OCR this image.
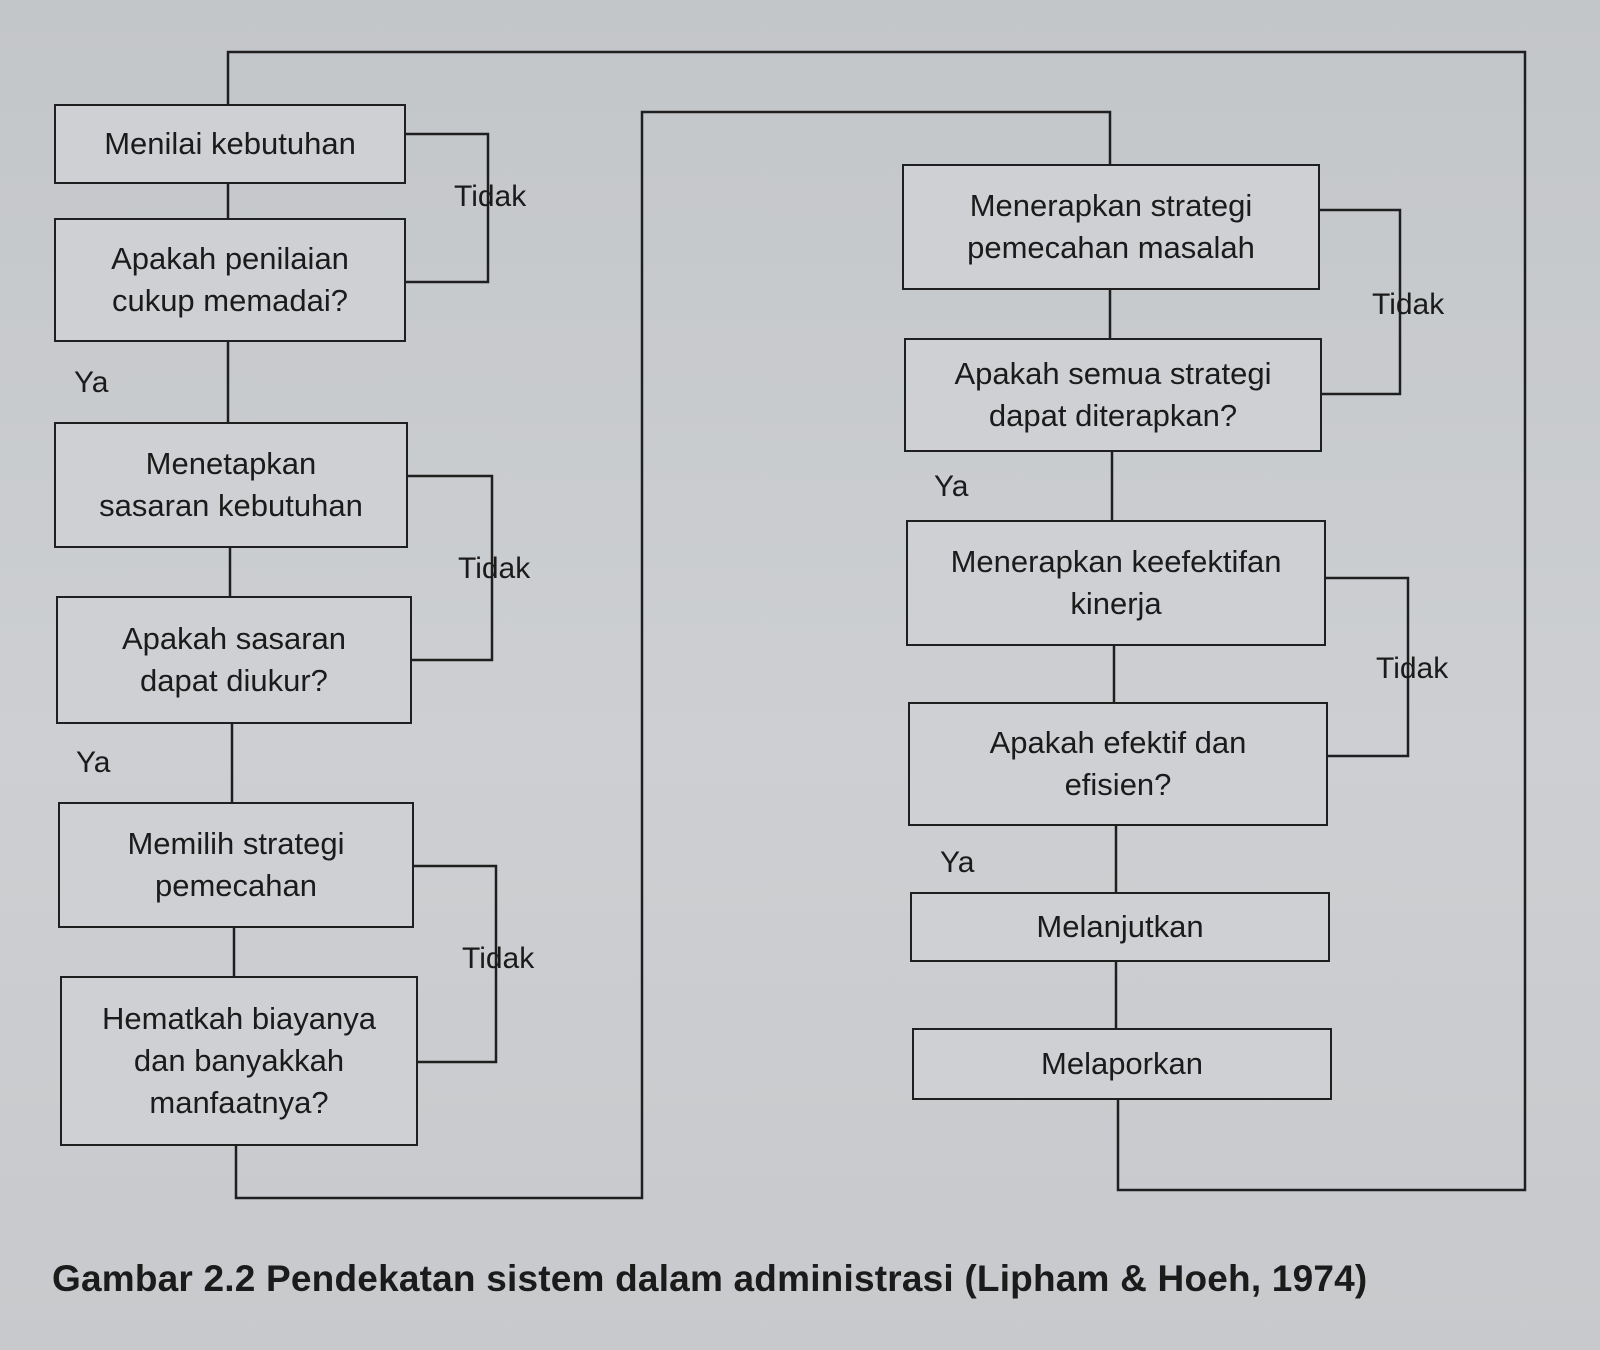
Menilai kebutuhan
Apakah penilaian
cukup memadai?
Menetapkan
sasaran kebutuhan
Apakah sasaran
dapat diukur?
Memilih strategi
pemecahan
Hematkah biayanya
dan banyakkah
manfaatnya?
Tidak
Ya
Tidak
Ya
Tidak
Menerapkan strategi
pemecahan masalah
Apakah semua strategi
dapat diterapkan?
Menerapkan keefektifan
kinerja
Apakah efektif dan
efisien?
Melanjutkan
Melaporkan
Tidak
Ya
Tidak
Ya
Gambar 2.2 Pendekatan sistem dalam administrasi (Lipham & Hoeh, 1974)
